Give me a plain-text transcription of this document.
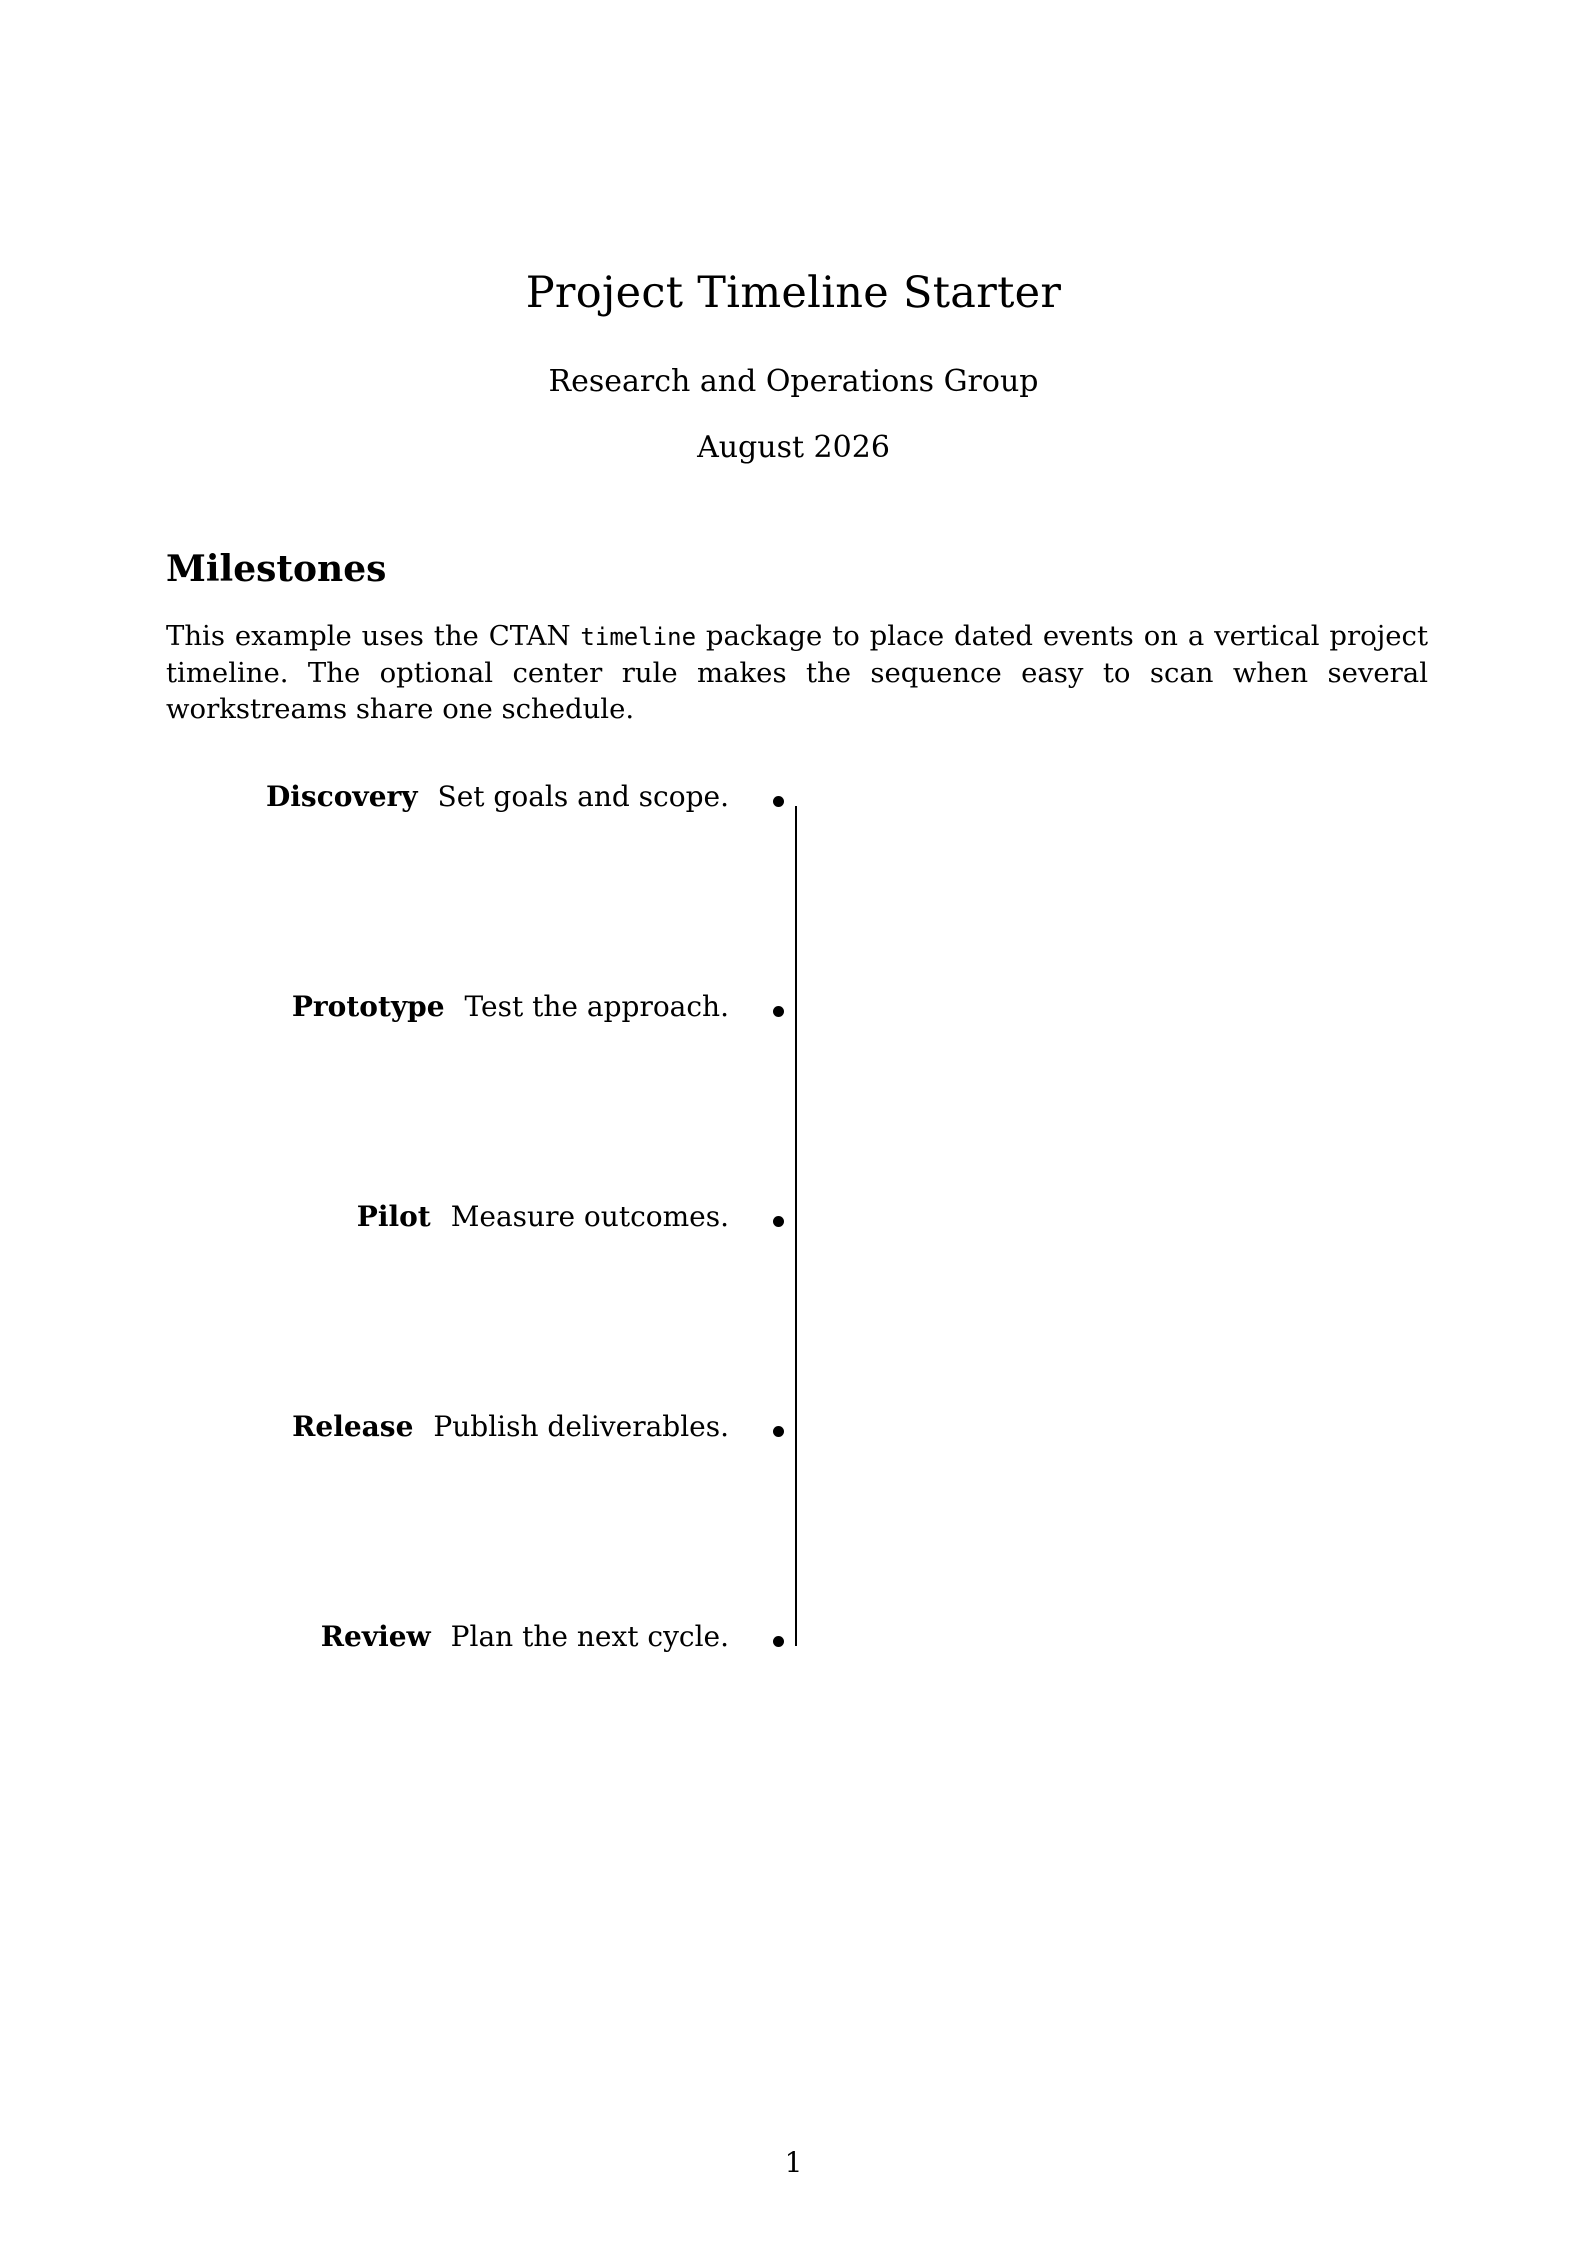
Project Timeline Starter
Research and Operations Group
August 2026
Milestones

This example uses the CTAN timeline package to place dated events on a vertical project timeline. The optional center rule makes the sequence easy to scan when several workstreams share one schedule.

Discovery Set goals and scope.
Prototype Test the approach.
Pilot Measure outcomes.
Release Publish deliverables.
Review Plan the next cycle.
1
